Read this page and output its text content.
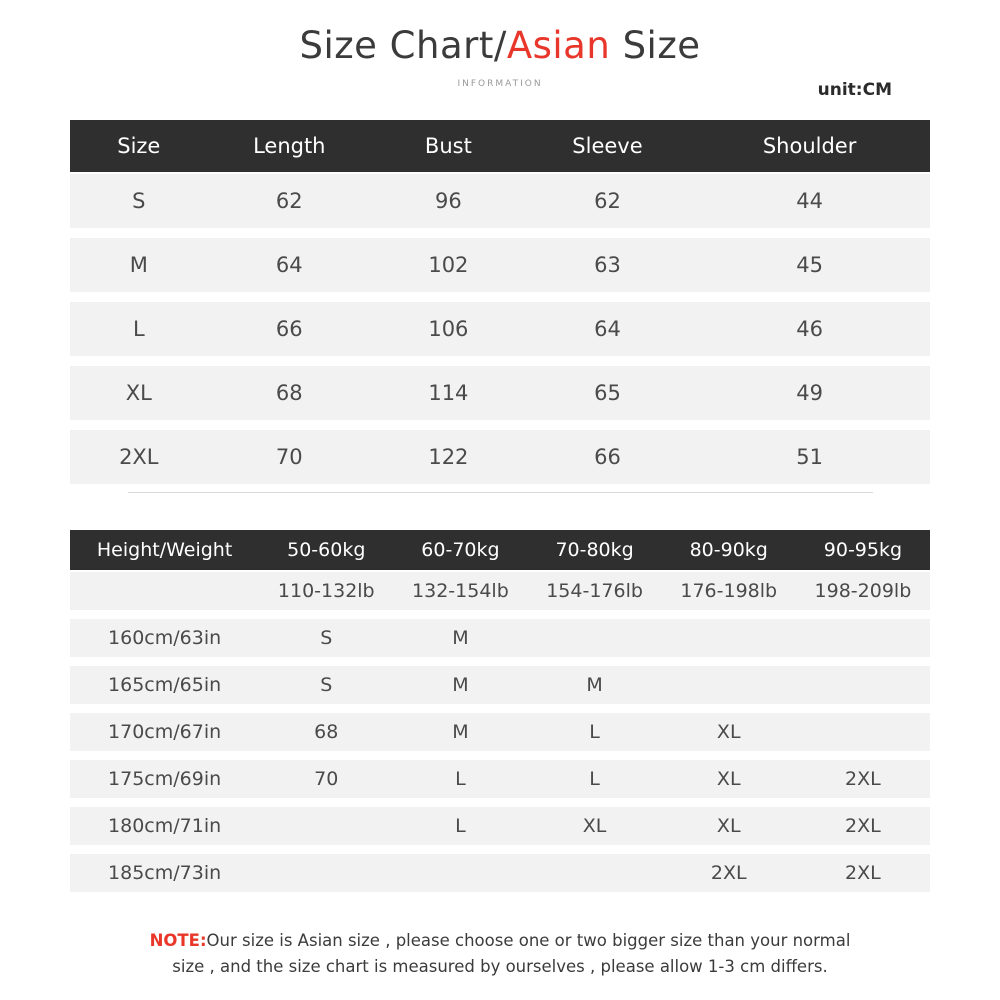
Size Chart/Asian Size
INFORMATION	unit:CM
Size	Length	Bust	Sleeve	Shoulder
S	62	96	62	44
M	64	102	63	45
L	66	106	64	46
XL	68	114	65	49
2XL	70	122	66	51
Height/Weight	50-60kg	60-70kg	70-80kg	80-90kg	90-95kg
	110-132lb	132-154lb	154-176lb	176-198lb	198-209lb
160cm/63in	S	M			
165cm/65in	S	M	M		
170cm/67in	68	M	L	XL	
175cm/69in	70	L	L	XL	2XL
180cm/71in		L	XL	XL	2XL
185cm/73in				2XL	2XL
NOTE:Our size is Asian size , please choose one or two bigger size than your normal
size , and the size chart is measured by ourselves , please allow 1-3 cm differs.
